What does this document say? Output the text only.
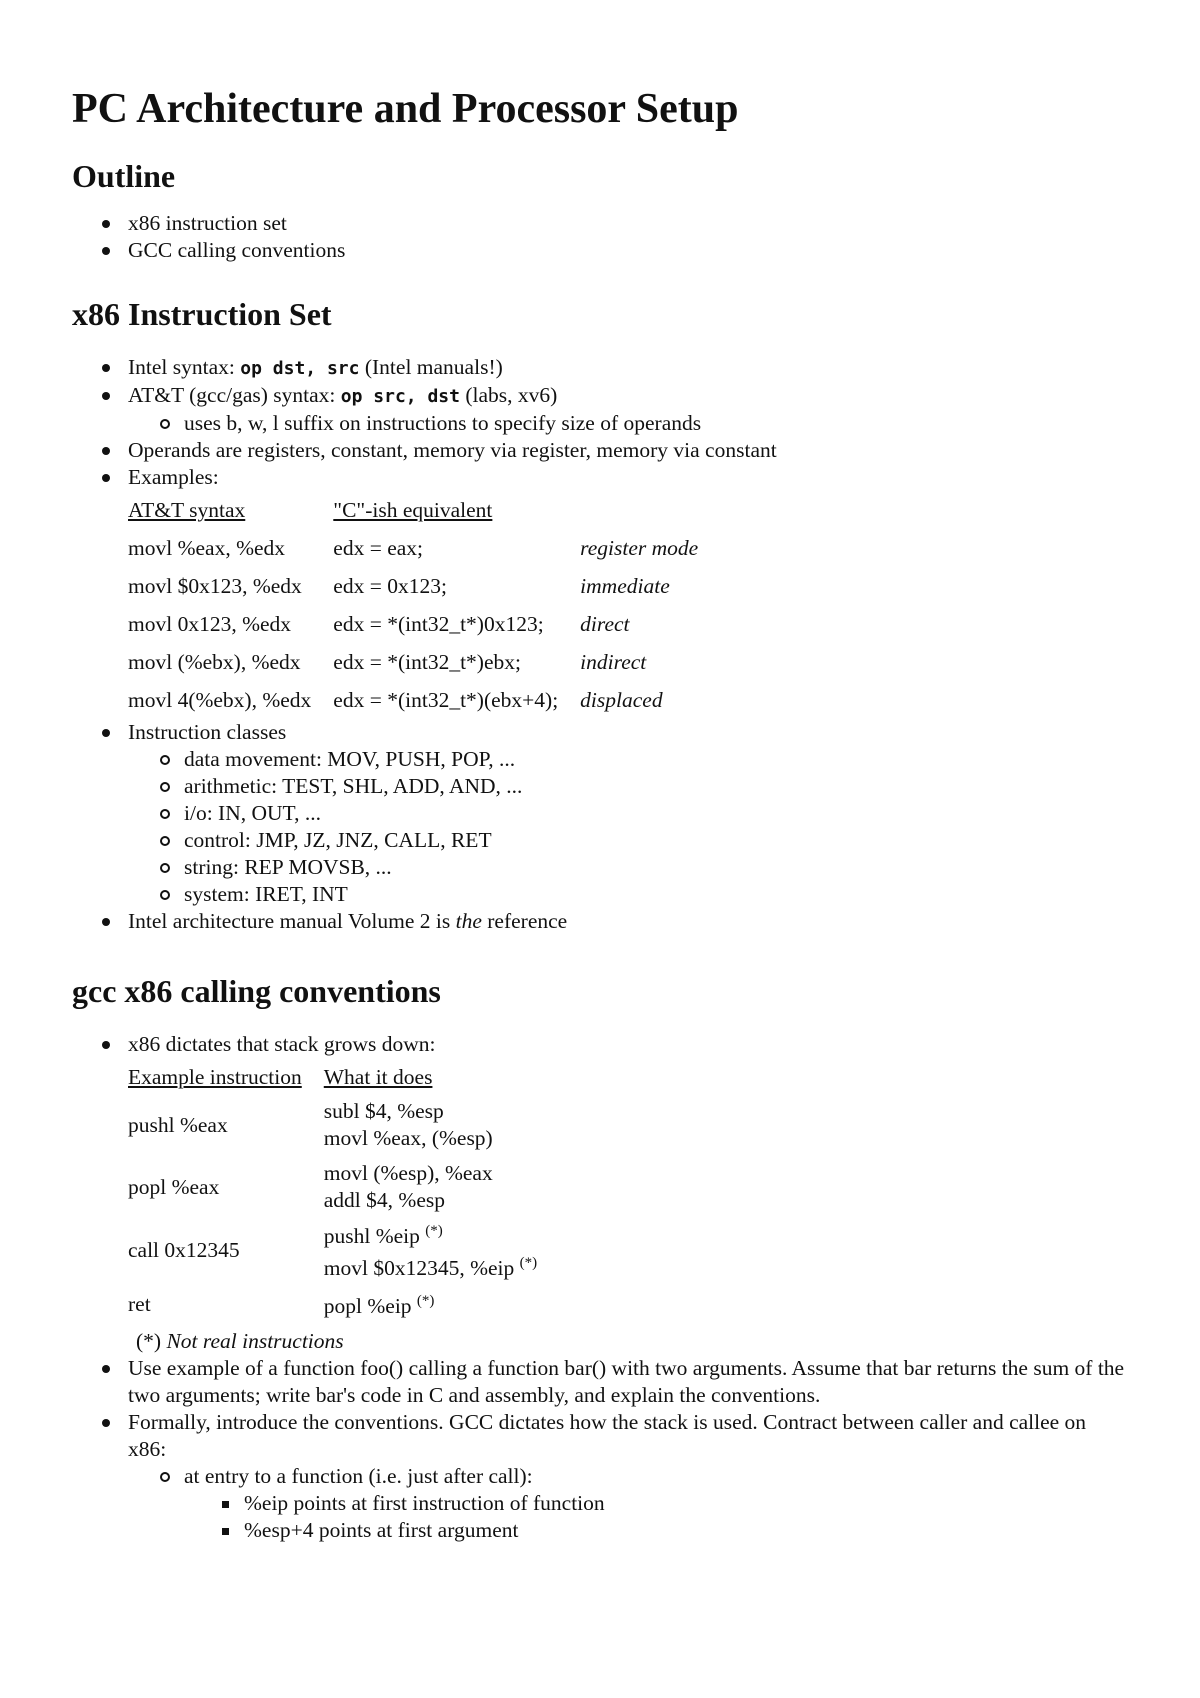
PC Architecture and Processor Setup
Outline
x86 instruction set
GCC calling conventions
x86 Instruction Set
Intel syntax: op dst, src (Intel manuals!)
AT&T (gcc/gas) syntax: op src, dst (labs, xv6)
uses b, w, l suffix on instructions to specify size of operands
Operands are registers, constant, memory via register, memory via constant
Examples:
AT&T syntax	"C"-ish equivalent	
movl %eax, %edx	edx = eax;	register mode
movl $0x123, %edx	edx = 0x123;	immediate
movl 0x123, %edx	edx = *(int32_t*)0x123;	direct
movl (%ebx), %edx	edx = *(int32_t*)ebx;	indirect
movl 4(%ebx), %edx	edx = *(int32_t*)(ebx+4);	displaced
Instruction classes
data movement: MOV, PUSH, POP, ...
arithmetic: TEST, SHL, ADD, AND, ...
i/o: IN, OUT, ...
control: JMP, JZ, JNZ, CALL, RET
string: REP MOVSB, ...
system: IRET, INT
Intel architecture manual Volume 2 is the reference
gcc x86 calling conventions
x86 dictates that stack grows down:
Example instruction	What it does
pushl %eax	subl $4, %esp
movl %eax, (%esp)

popl %eax	movl (%esp), %eax
addl $4, %esp

call 0x12345	pushl %eip (*)
movl $0x12345, %eip (*)

ret	popl %eip (*)
(*) Not real instructions
Use example of a function foo() calling a function bar() with two arguments. Assume that bar returns the sum of the two arguments; write bar's code in C and assembly, and explain the conventions.
Formally, introduce the conventions. GCC dictates how the stack is used. Contract between caller and callee on x86:
at entry to a function (i.e. just after call):
%eip points at first instruction of function
%esp+4 points at first argument
